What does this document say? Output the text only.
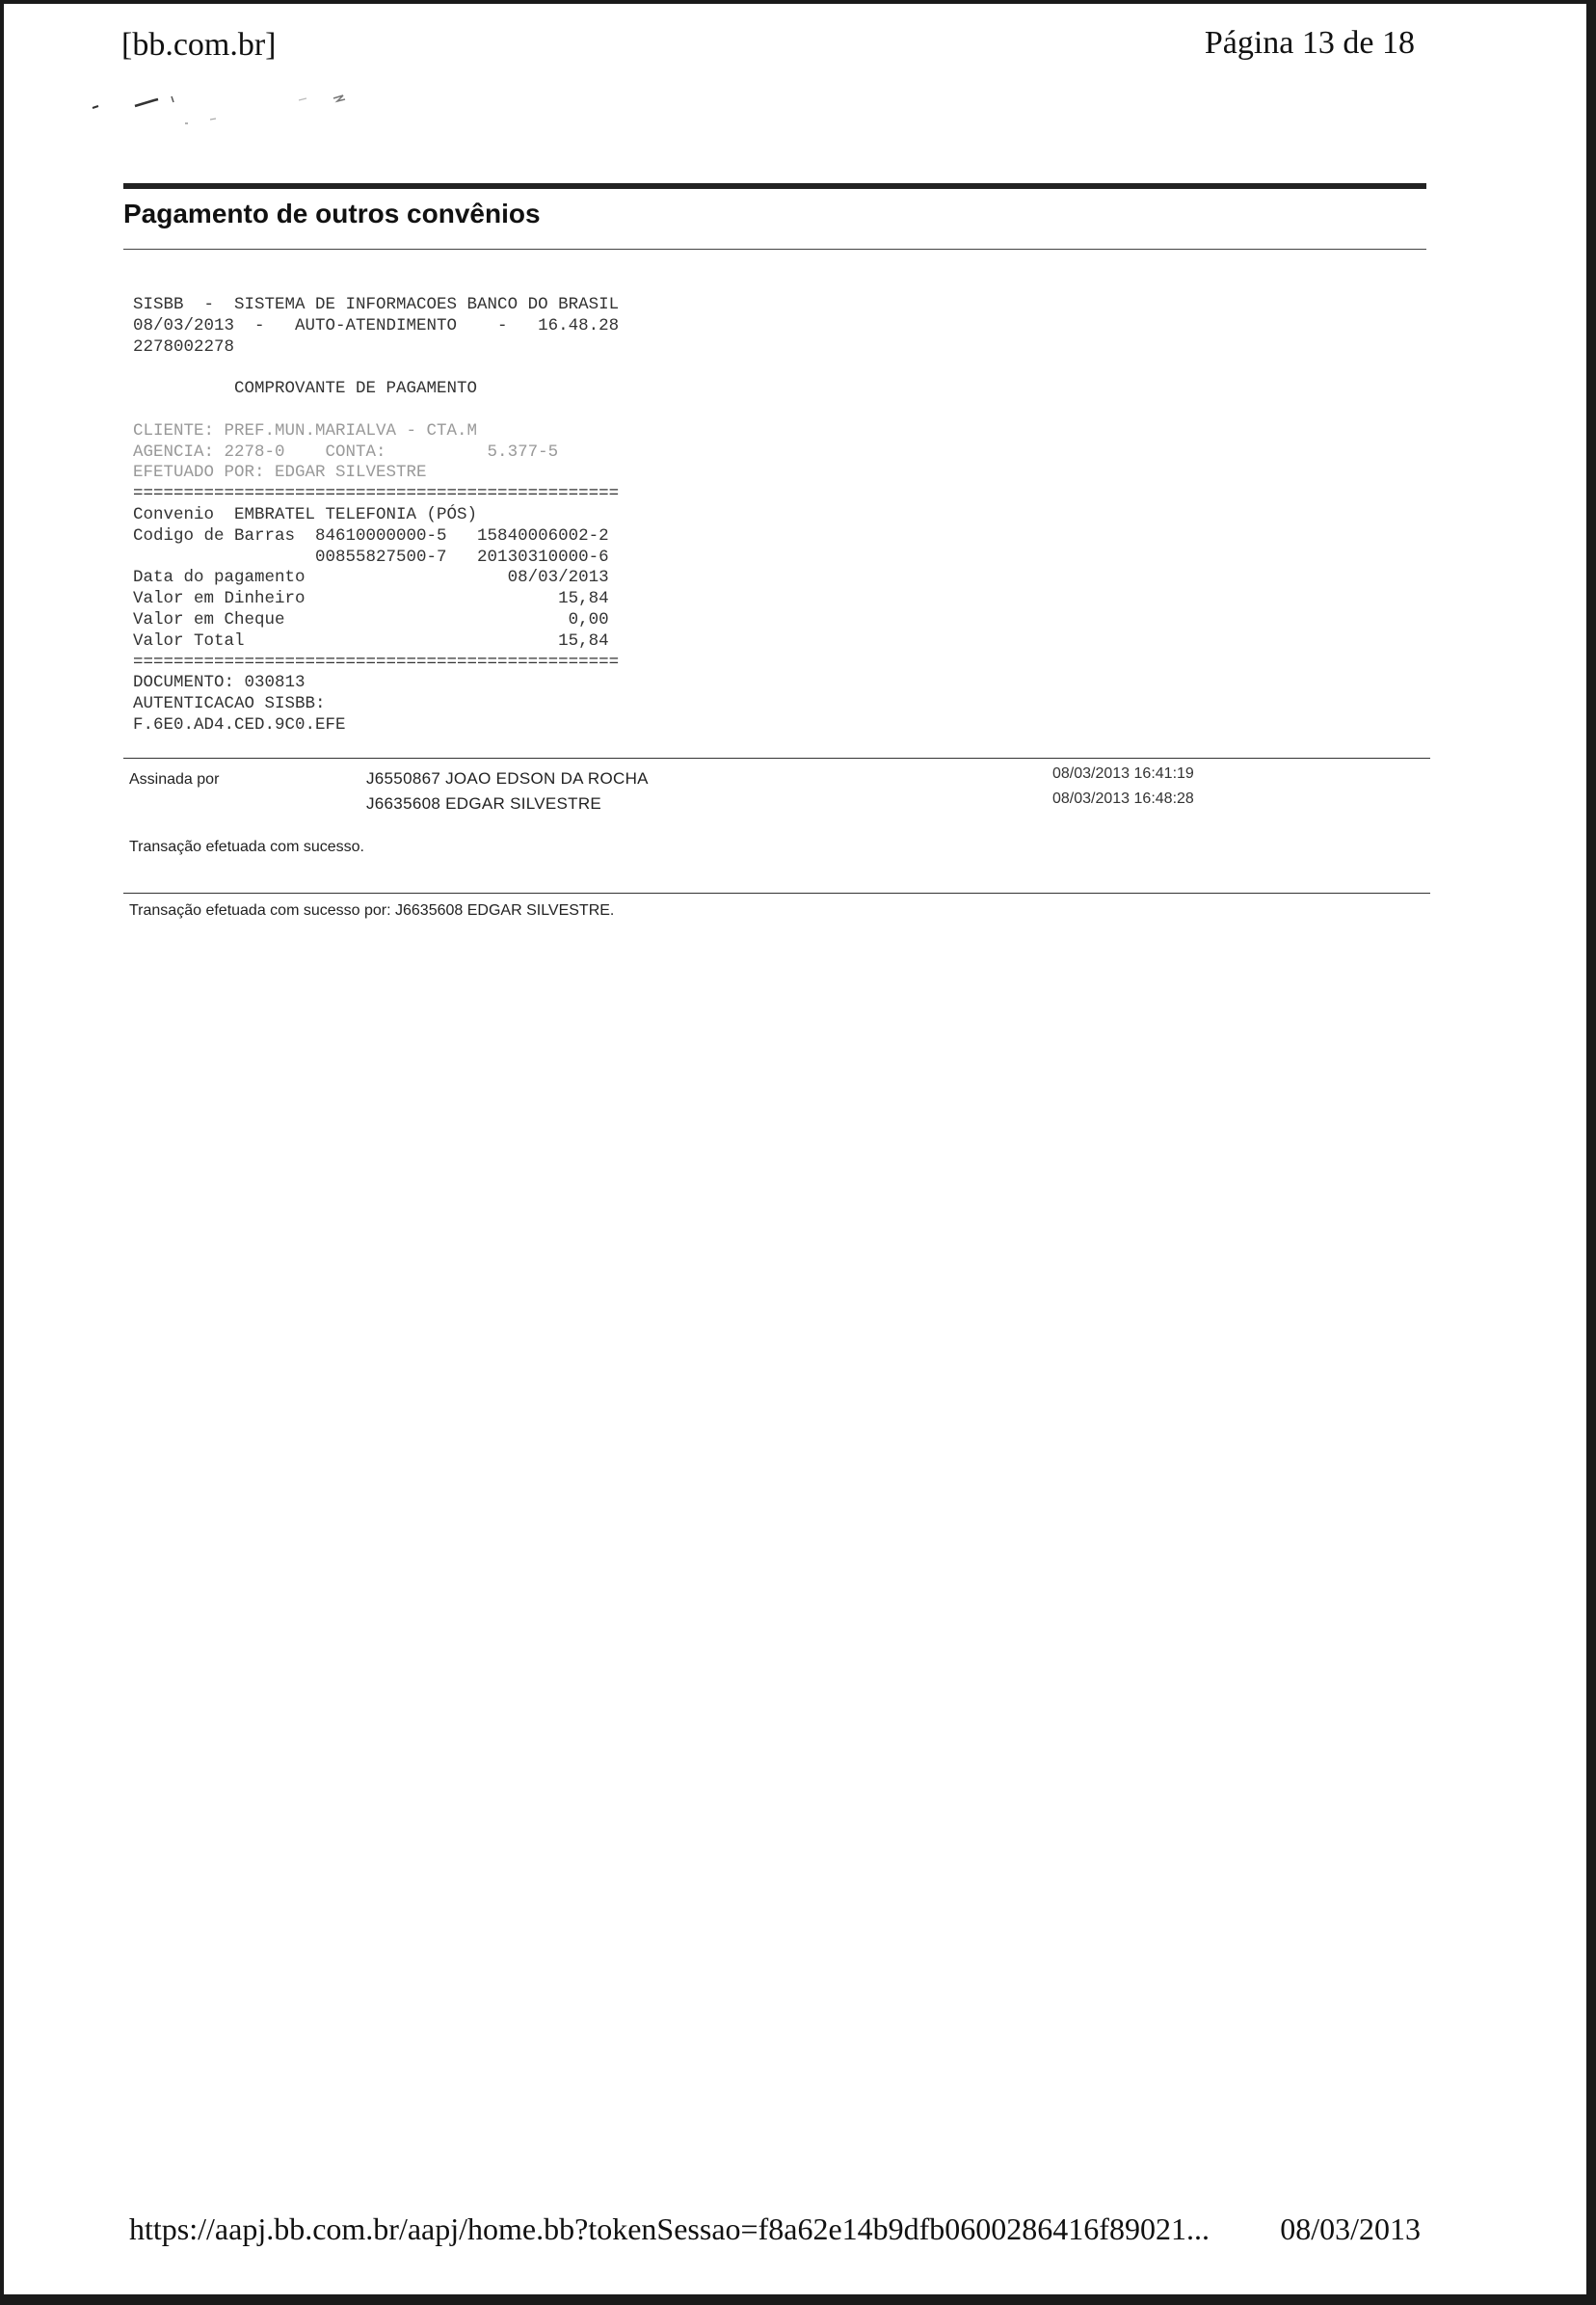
[bb.com.br]	Página 13 de 18
Pagamento de outros convênios
SISBB  -  SISTEMA DE INFORMACOES BANCO DO BRASIL
08/03/2013  -   AUTO-ATENDIMENTO    -   16.48.28
2278002278

COMPROVANTE DE PAGAMENTO

CLIENTE: PREF.MUN.MARIALVA - CTA.M
AGENCIA: 2278-0    CONTA:          5.377-5
EFETUADO POR: EDGAR SILVESTRE
================================================
Convenio  EMBRATEL TELEFONIA (PÓS)
Codigo de Barras  84610000000-5   15840006002-2
00855827500-7   20130310000-6
Data do pagamento                    08/03/2013
Valor em Dinheiro                         15,84
Valor em Cheque                            0,00
Valor Total                               15,84
================================================
DOCUMENTO: 030813
AUTENTICACAO SISBB:
F.6E0.AD4.CED.9C0.EFE
Assinada por	J6550867 JOAO EDSON DA ROCHA	08/03/2013 16:41:19
J6635608 EDGAR SILVESTRE	08/03/2013 16:48:28
Transação efetuada com sucesso.
Transação efetuada com sucesso por: J6635608 EDGAR SILVESTRE.
https://aapj.bb.com.br/aapj/home.bb?tokenSessao=f8a62e14b9dfb0600286416f89021... 08/03/2013
